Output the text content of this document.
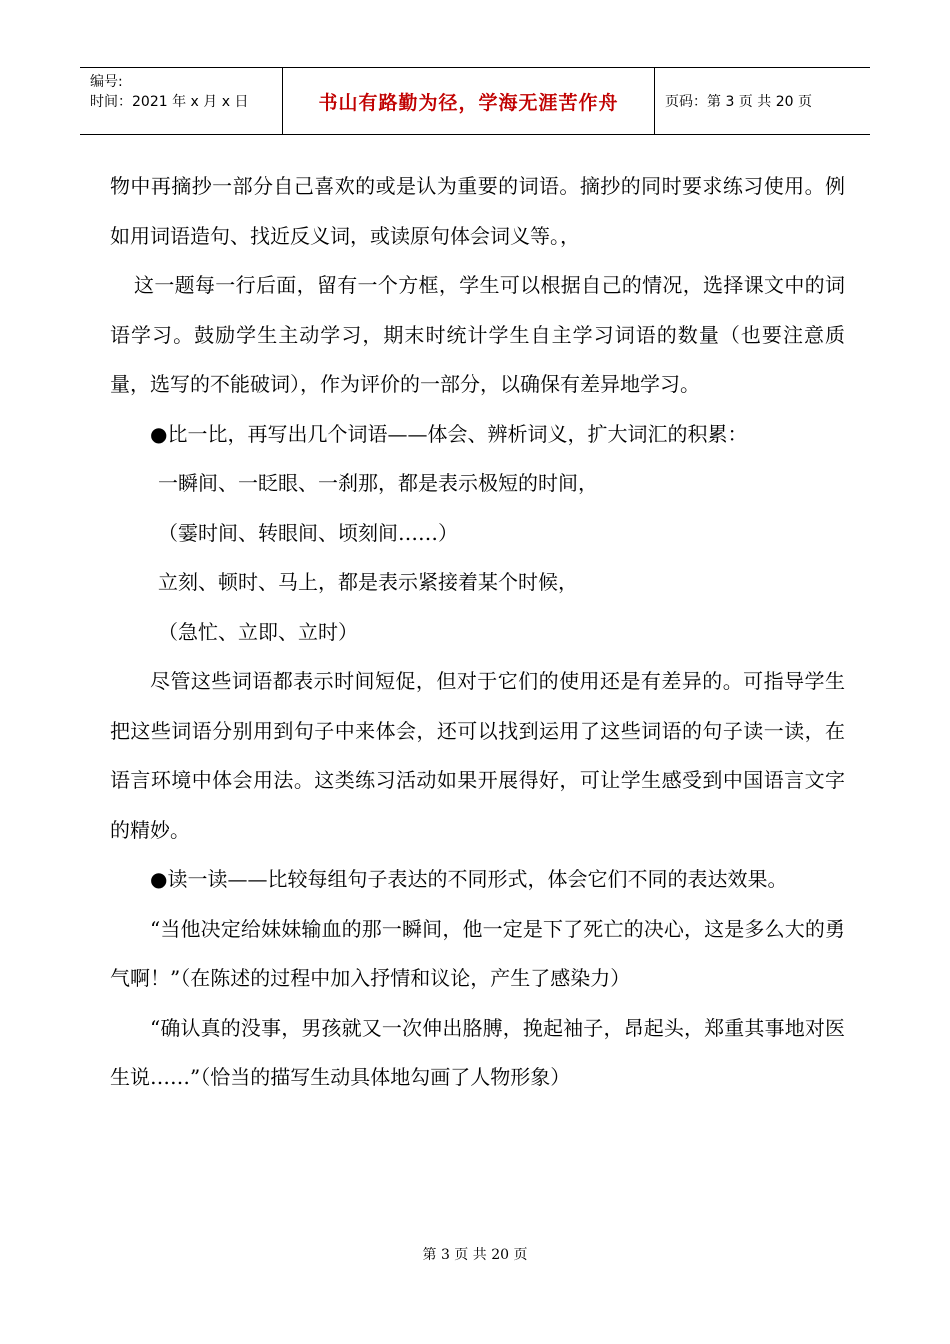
编号:
时间：2021 年 x 月 x 日	书山有路勤为径，学海无涯苦作舟	页码：第 3 页 共 20 页

物中再摘抄一部分自己喜欢的或是认为重要的词语。摘抄的同时要求练习使用。例如用词语造句、找近反义词，或读原句体会词义等。，

这一题每一行后面，留有一个方框，学生可以根据自己的情况，选择课文中的词语学习。鼓励学生主动学习，期末时统计学生自主学习词语的数量（也要注意质量，选写的不能破词），作为评价的一部分，以确保有差异地学习。

●比一比，再写出几个词语——体会、辨析词义，扩大词汇的积累：

一瞬间、一眨眼、一刹那，都是表示极短的时间，

（霎时间、转眼间、顷刻间……）

立刻、顿时、马上，都是表示紧接着某个时候，

（急忙、立即、立时）

尽管这些词语都表示时间短促，但对于它们的使用还是有差异的。可指导学生把这些词语分别用到句子中来体会，还可以找到运用了这些词语的句子读一读，在语言环境中体会用法。这类练习活动如果开展得好，可让学生感受到中国语言文字的精妙。

●读一读——比较每组句子表达的不同形式，体会它们不同的表达效果。

“当他决定给妹妹输血的那一瞬间，他一定是下了死亡的决心，这是多么大的勇气啊！”（在陈述的过程中加入抒情和议论，产生了感染力）

“确认真的没事，男孩就又一次伸出胳膊，挽起袖子，昂起头，郑重其事地对医生说……”（恰当的描写生动具体地勾画了人物形象）

第 3 页 共 20 页
